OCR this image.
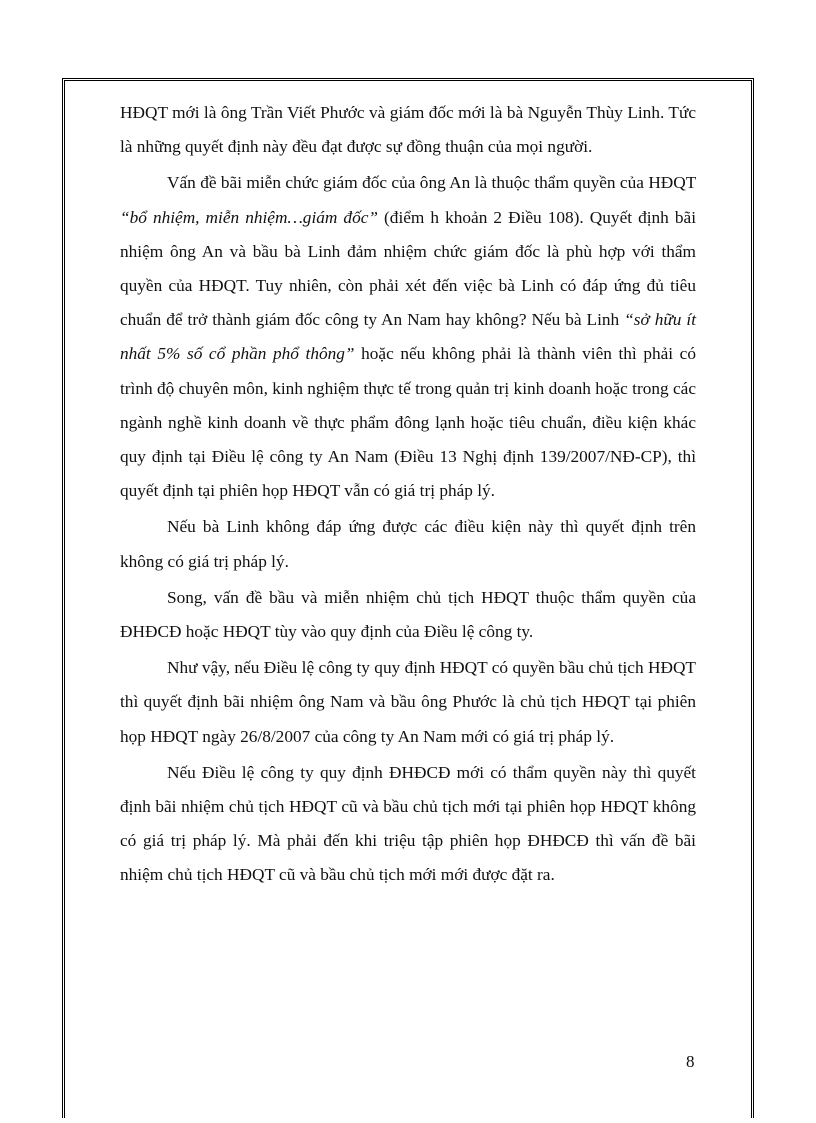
HĐQT mới là ông Trần Viết Phước và giám đốc mới là bà Nguyễn Thùy Linh. Tức là những quyết định này đều đạt được sự đồng thuận của mọi người.

Vấn đề bãi miễn chức giám đốc của ông An là thuộc thẩm quyền của HĐQT “bổ nhiệm, miễn nhiệm…giám đốc” (điểm h khoản 2 Điều 108). Quyết định bãi nhiệm ông An và bầu bà Linh đảm nhiệm chức giám đốc là phù hợp với thẩm quyền của HĐQT. Tuy nhiên, còn phải xét đến việc bà Linh có đáp ứng đủ tiêu chuẩn để trở thành giám đốc công ty An Nam hay không? Nếu bà Linh “sở hữu ít nhất 5% số cổ phần phổ thông” hoặc nếu không phải là thành viên thì phải có trình độ chuyên môn, kinh nghiệm thực tế trong quản trị kinh doanh hoặc trong các ngành nghề kinh doanh về thực phẩm đông lạnh hoặc tiêu chuẩn, điều kiện khác quy định tại Điều lệ công ty An Nam (Điều 13 Nghị định 139/2007/NĐ-CP), thì quyết định tại phiên họp HĐQT vẫn có giá trị pháp lý.

Nếu bà Linh không đáp ứng được các điều kiện này thì quyết định trên không có giá trị pháp lý.

Song, vấn đề bầu và miễn nhiệm chủ tịch HĐQT thuộc thẩm quyền của ĐHĐCĐ hoặc HĐQT tùy vào quy định của Điều lệ công ty.

Như vậy, nếu Điều lệ công ty quy định HĐQT có quyền bầu chủ tịch HĐQT thì quyết định bãi nhiệm ông Nam và bầu ông Phước là chủ tịch HĐQT tại phiên họp HĐQT ngày 26/8/2007 của công ty An Nam mới có giá trị pháp lý.

Nếu Điều lệ công ty quy định ĐHĐCĐ mới có thẩm quyền này thì quyết định bãi nhiệm chủ tịch HĐQT cũ và bầu chủ tịch mới tại phiên họp HĐQT không có giá trị pháp lý. Mà phải đến khi triệu tập phiên họp ĐHĐCĐ thì vấn đề bãi nhiệm chủ tịch HĐQT cũ và bầu chủ tịch mới mới được đặt ra.

8
